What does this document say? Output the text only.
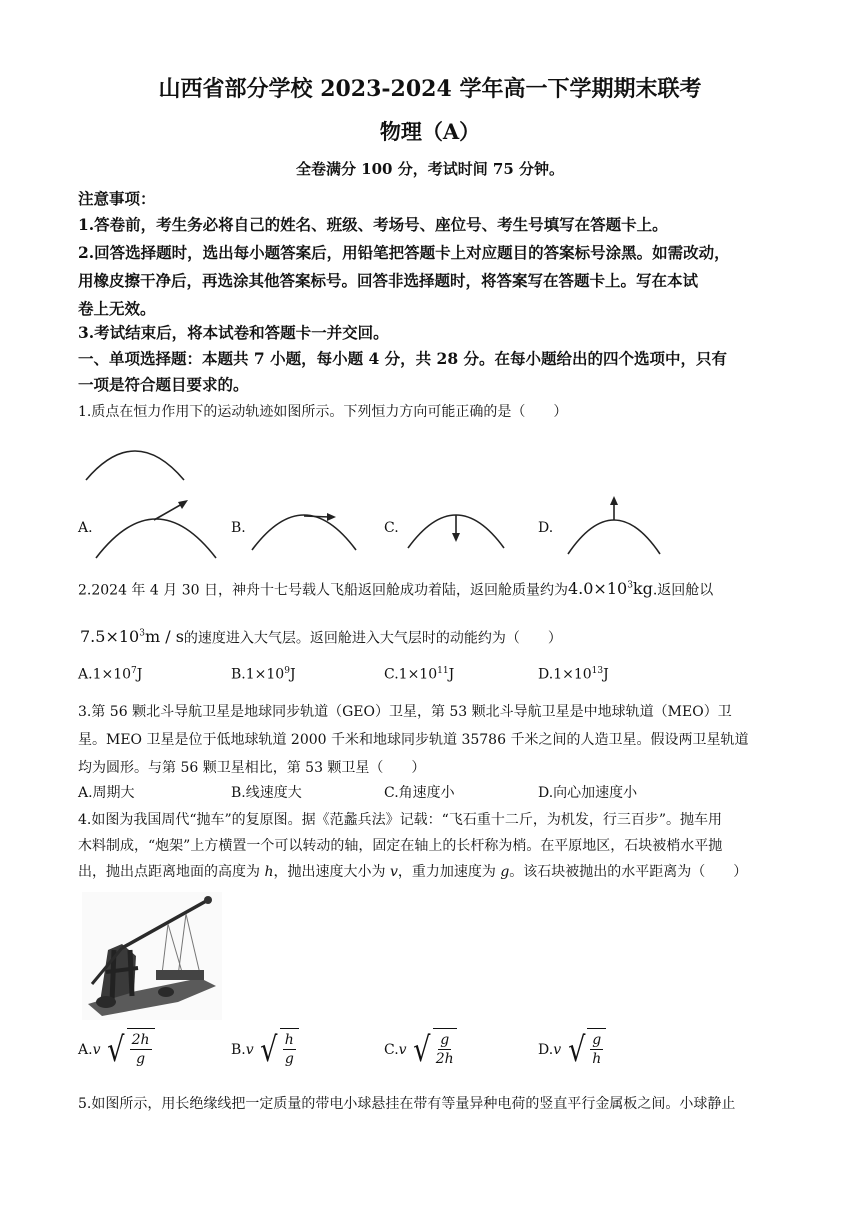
山西省部分学校 2023-2024 学年高一下学期期末联考
物理（A）
全卷满分 100 分，考试时间 75 分钟。
注意事项：
1.答卷前，考生务必将自己的姓名、班级、考场号、座位号、考生号填写在答题卡上。
2.回答选择题时，选出每小题答案后，用铅笔把答题卡上对应题目的答案标号涂黑。如需改动，
用橡皮擦干净后，再选涂其他答案标号。回答非选择题时，将答案写在答题卡上。写在本试
卷上无效。
3.考试结束后，将本试卷和答题卡一并交回。
一、单项选择题：本题共 7 小题，每小题 4 分，共 28 分。在每小题给出的四个选项中，只有
一项是符合题目要求的。
1.质点在恒力作用下的运动轨迹如图所示。下列恒力方向可能正确的是（　　）
A.	B.	C.	D.
2.2024 年 4 月 30 日，神舟十七号载人飞船返回舱成功着陆，返回舱质量约为$4.0\times 10^3kg$.返回舱以
$7.5\times 10^3m / s$的速度进入大气层。返回舱进入大气层时的动能约为（　　）
$A.1\times 10^7J$	$B.1\times 10^9J$	$C.1\times 10^{11}J$	$D.1\times 10^{13}J$
3.第 56 颗北斗导航卫星是地球同步轨道（GEO）卫星，第 53 颗北斗导航卫星是中地球轨道（MEO）卫
星。MEO 卫星是位于低地球轨道 2000 千米和地球同步轨道 35786 千米之间的人造卫星。假设两卫星轨道
均为圆形。与第 56 颗卫星相比，第 53 颗卫星（　　）
A.周期大	B.线速度大	C.角速度小	D.向心加速度小
4.如图为我国周代“抛车”的复原图。据《范蠡兵法》记载：“飞石重十二斤，为机发，行三百步”。抛车用
木料制成，“炮架”上方横置一个可以转动的轴，固定在轴上的长杆称为梢。在平原地区，石块被梢水平抛
出，抛出点距离地面的高度为 h，抛出速度大小为 v，重力加速度为 g。该石块被抛出的水平距离为（　　）
A.v √ $\frac{2h}{g}$	B.v √ $\frac{h}{g}$	C.v √ $\frac{g}{2h}$	D.v √ $\frac{g}{h}$
5.如图所示，用长绝缘线把一定质量的带电小球悬挂在带有等量异种电荷的竖直平行金属板之间。小球静止
